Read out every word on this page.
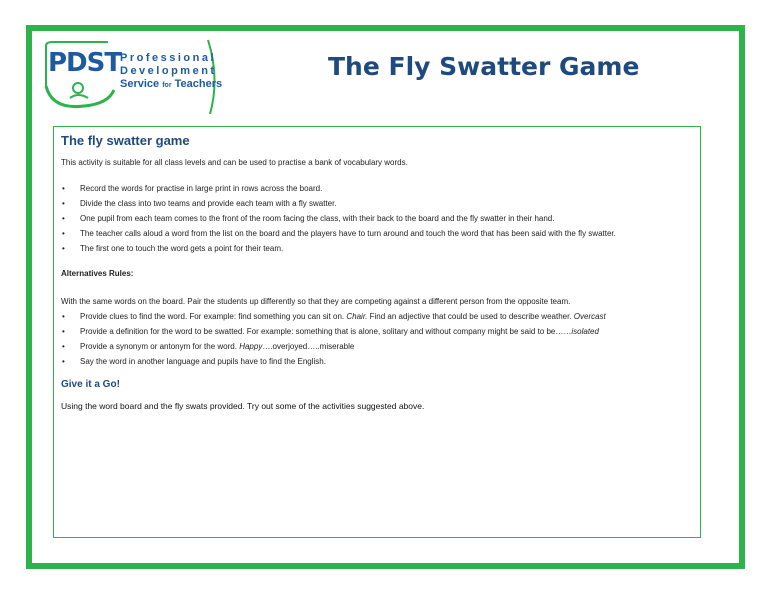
PDST
Professional
Development
Service for Teachers
The Fly Swatter Game
The fly swatter game
This activity is suitable for all class levels and can be used to practise a bank of vocabulary words.
• Record the words for practise in large print in rows across the board.
• Divide the class into two teams and provide each team with a fly swatter.
• One pupil from each team comes to the front of the room facing the class, with their back to the board and the fly swatter in their hand.
• The teacher calls aloud a word from the list on the board and the players have to turn around and touch the word that has been said with the fly swatter.
• The first one to touch the word gets a point for their team.
Alternatives Rules:
With the same words on the board. Pair the students up differently so that they are competing against a different person from the opposite team.
• Provide clues to find the word. For example: find something you can sit on. Chair. Find an adjective that could be used to describe weather. Overcast
• Provide a definition for the word to be swatted. For example: something that is alone, solitary and without company might be said to be……isolated
• Provide a synonym or antonym for the word. Happy….overjoyed…..miserable
• Say the word in another language and pupils have to find the English.
Give it a Go!
Using the word board and the fly swats provided. Try out some of the activities suggested above.
